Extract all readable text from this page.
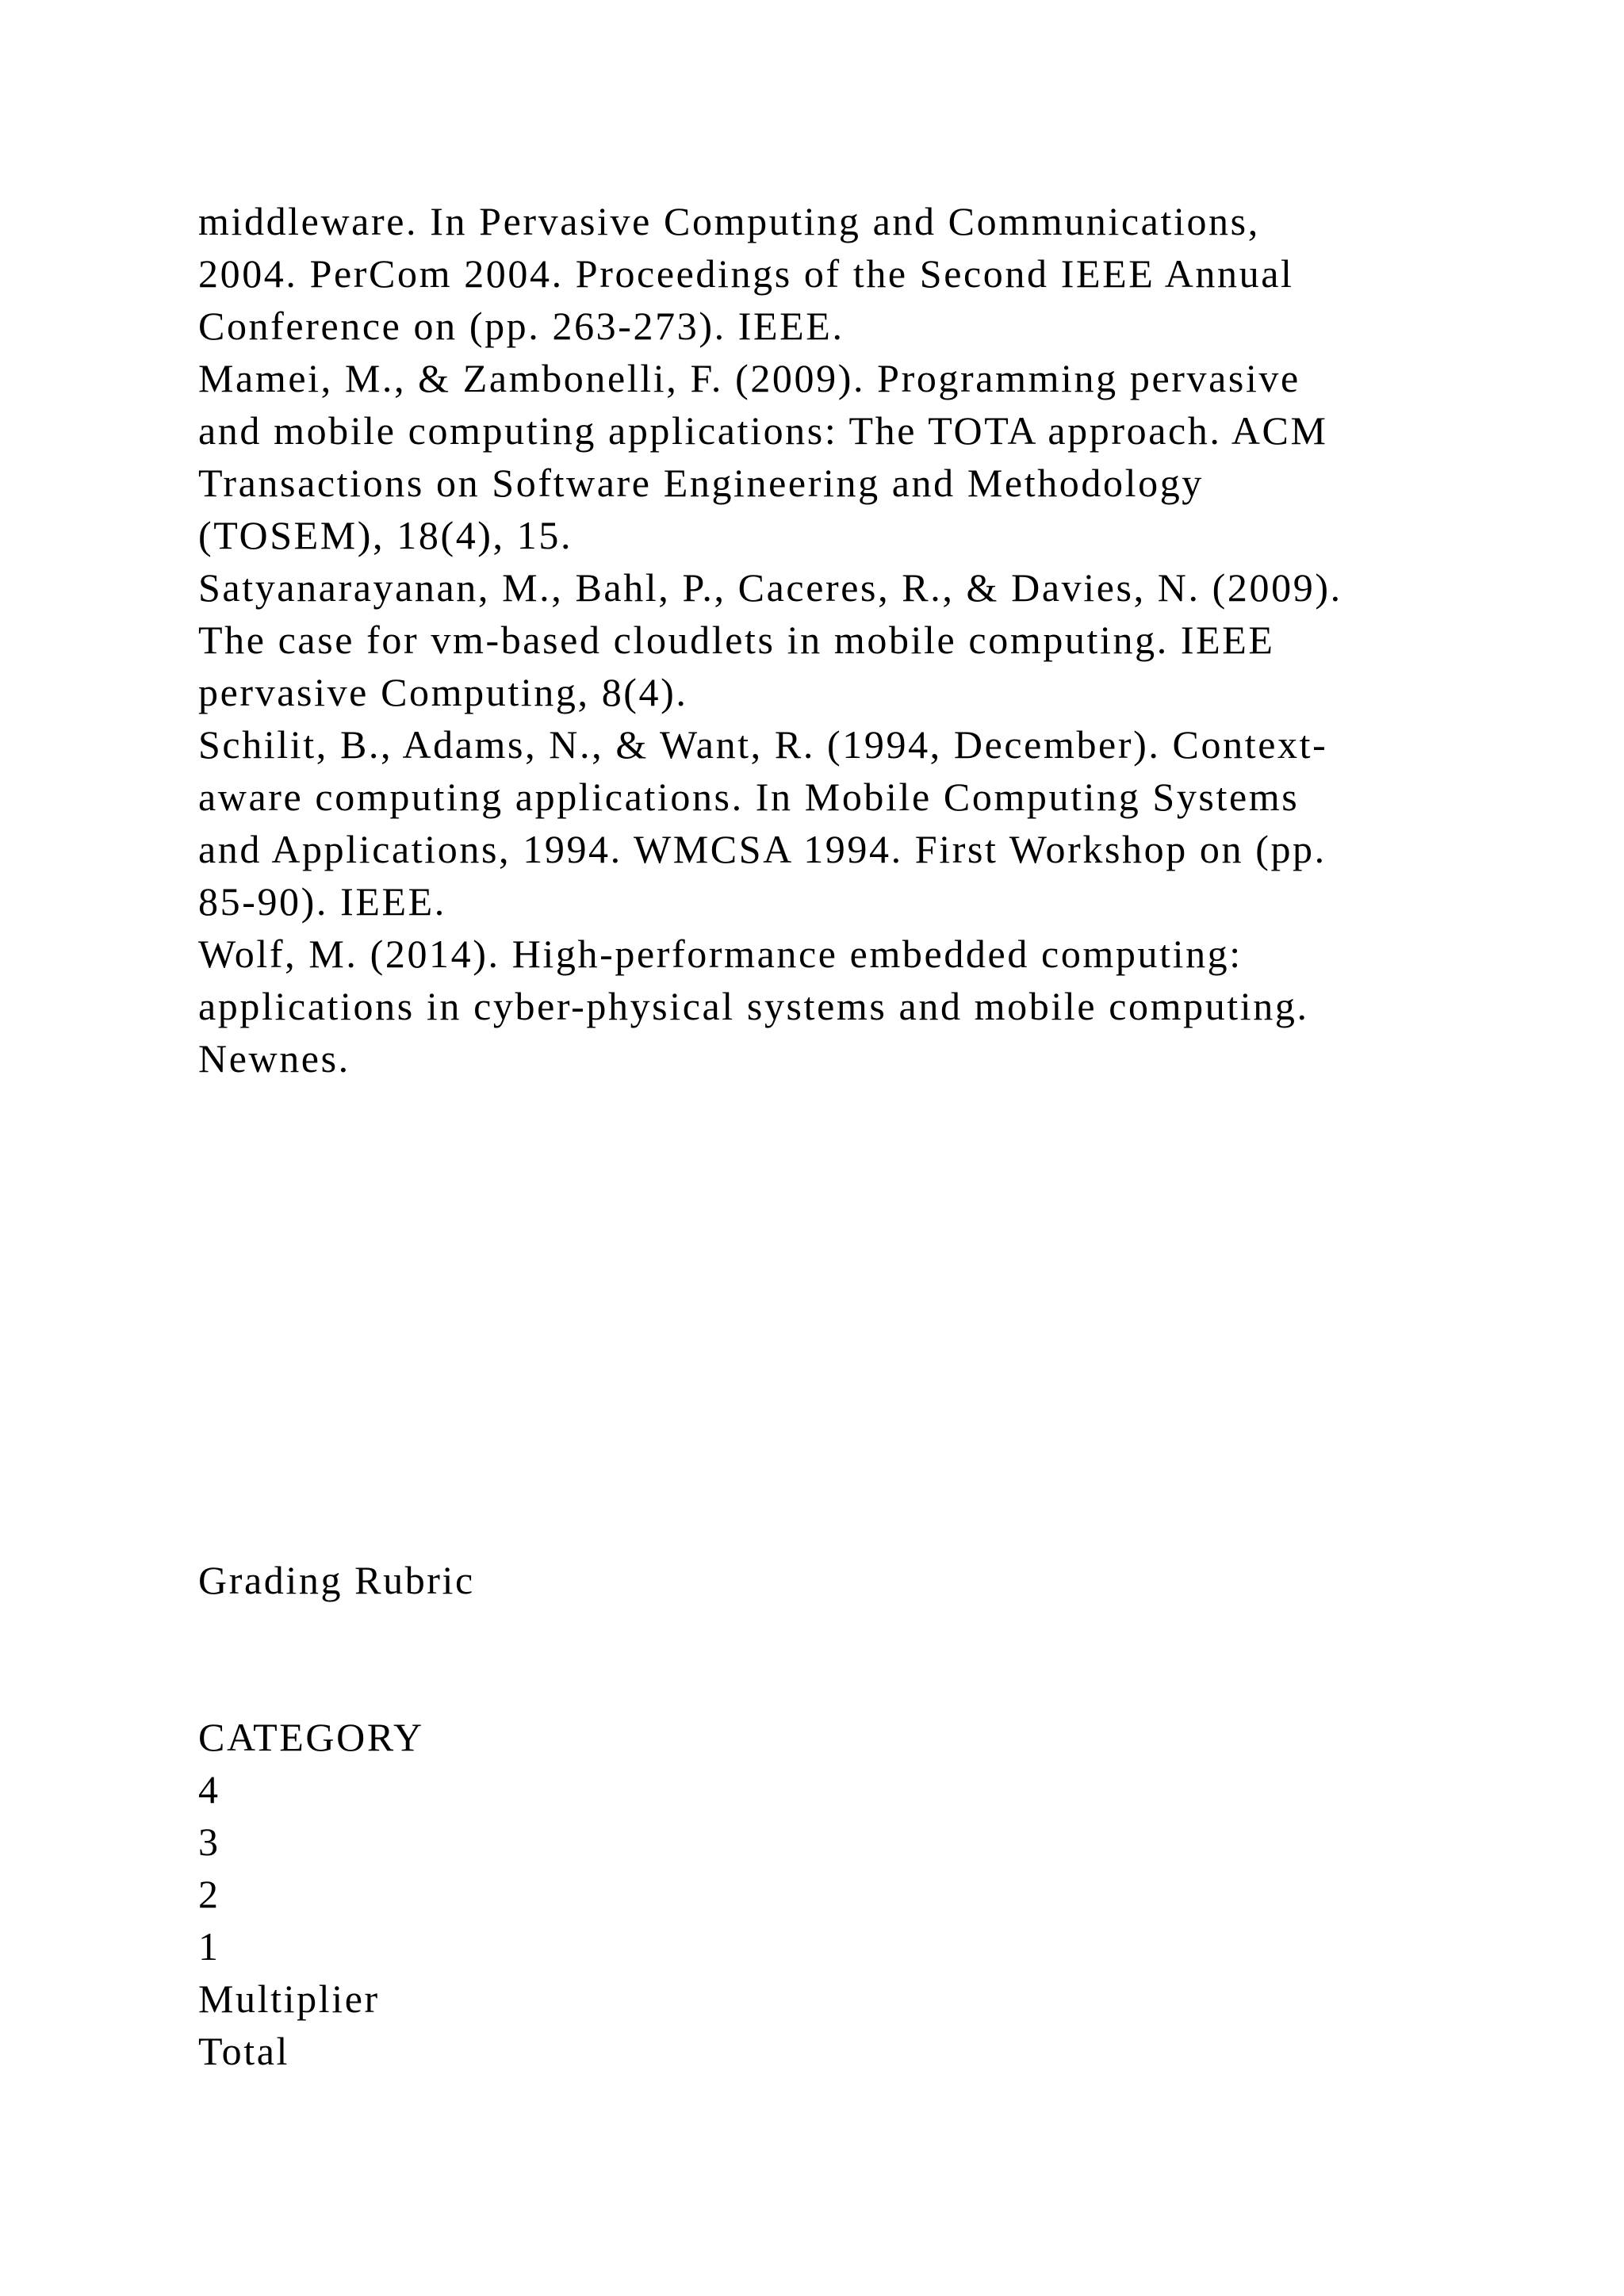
middleware. In Pervasive Computing and Communications,
2004. PerCom 2004. Proceedings of the Second IEEE Annual
Conference on (pp. 263-273). IEEE.
Mamei, M., & Zambonelli, F. (2009). Programming pervasive
and mobile computing applications: The TOTA approach. ACM
Transactions on Software Engineering and Methodology
(TOSEM), 18(4), 15.
Satyanarayanan, M., Bahl, P., Caceres, R., & Davies, N. (2009).
The case for vm-based cloudlets in mobile computing. IEEE
pervasive Computing, 8(4).
Schilit, B., Adams, N., & Want, R. (1994, December). Context-
aware computing applications. In Mobile Computing Systems
and Applications, 1994. WMCSA 1994. First Workshop on (pp.
85-90). IEEE.
Wolf, M. (2014). High-performance embedded computing:
applications in cyber-physical systems and mobile computing.
Newnes.
Grading Rubric
CATEGORY
4
3
2
1
Multiplier
Total
